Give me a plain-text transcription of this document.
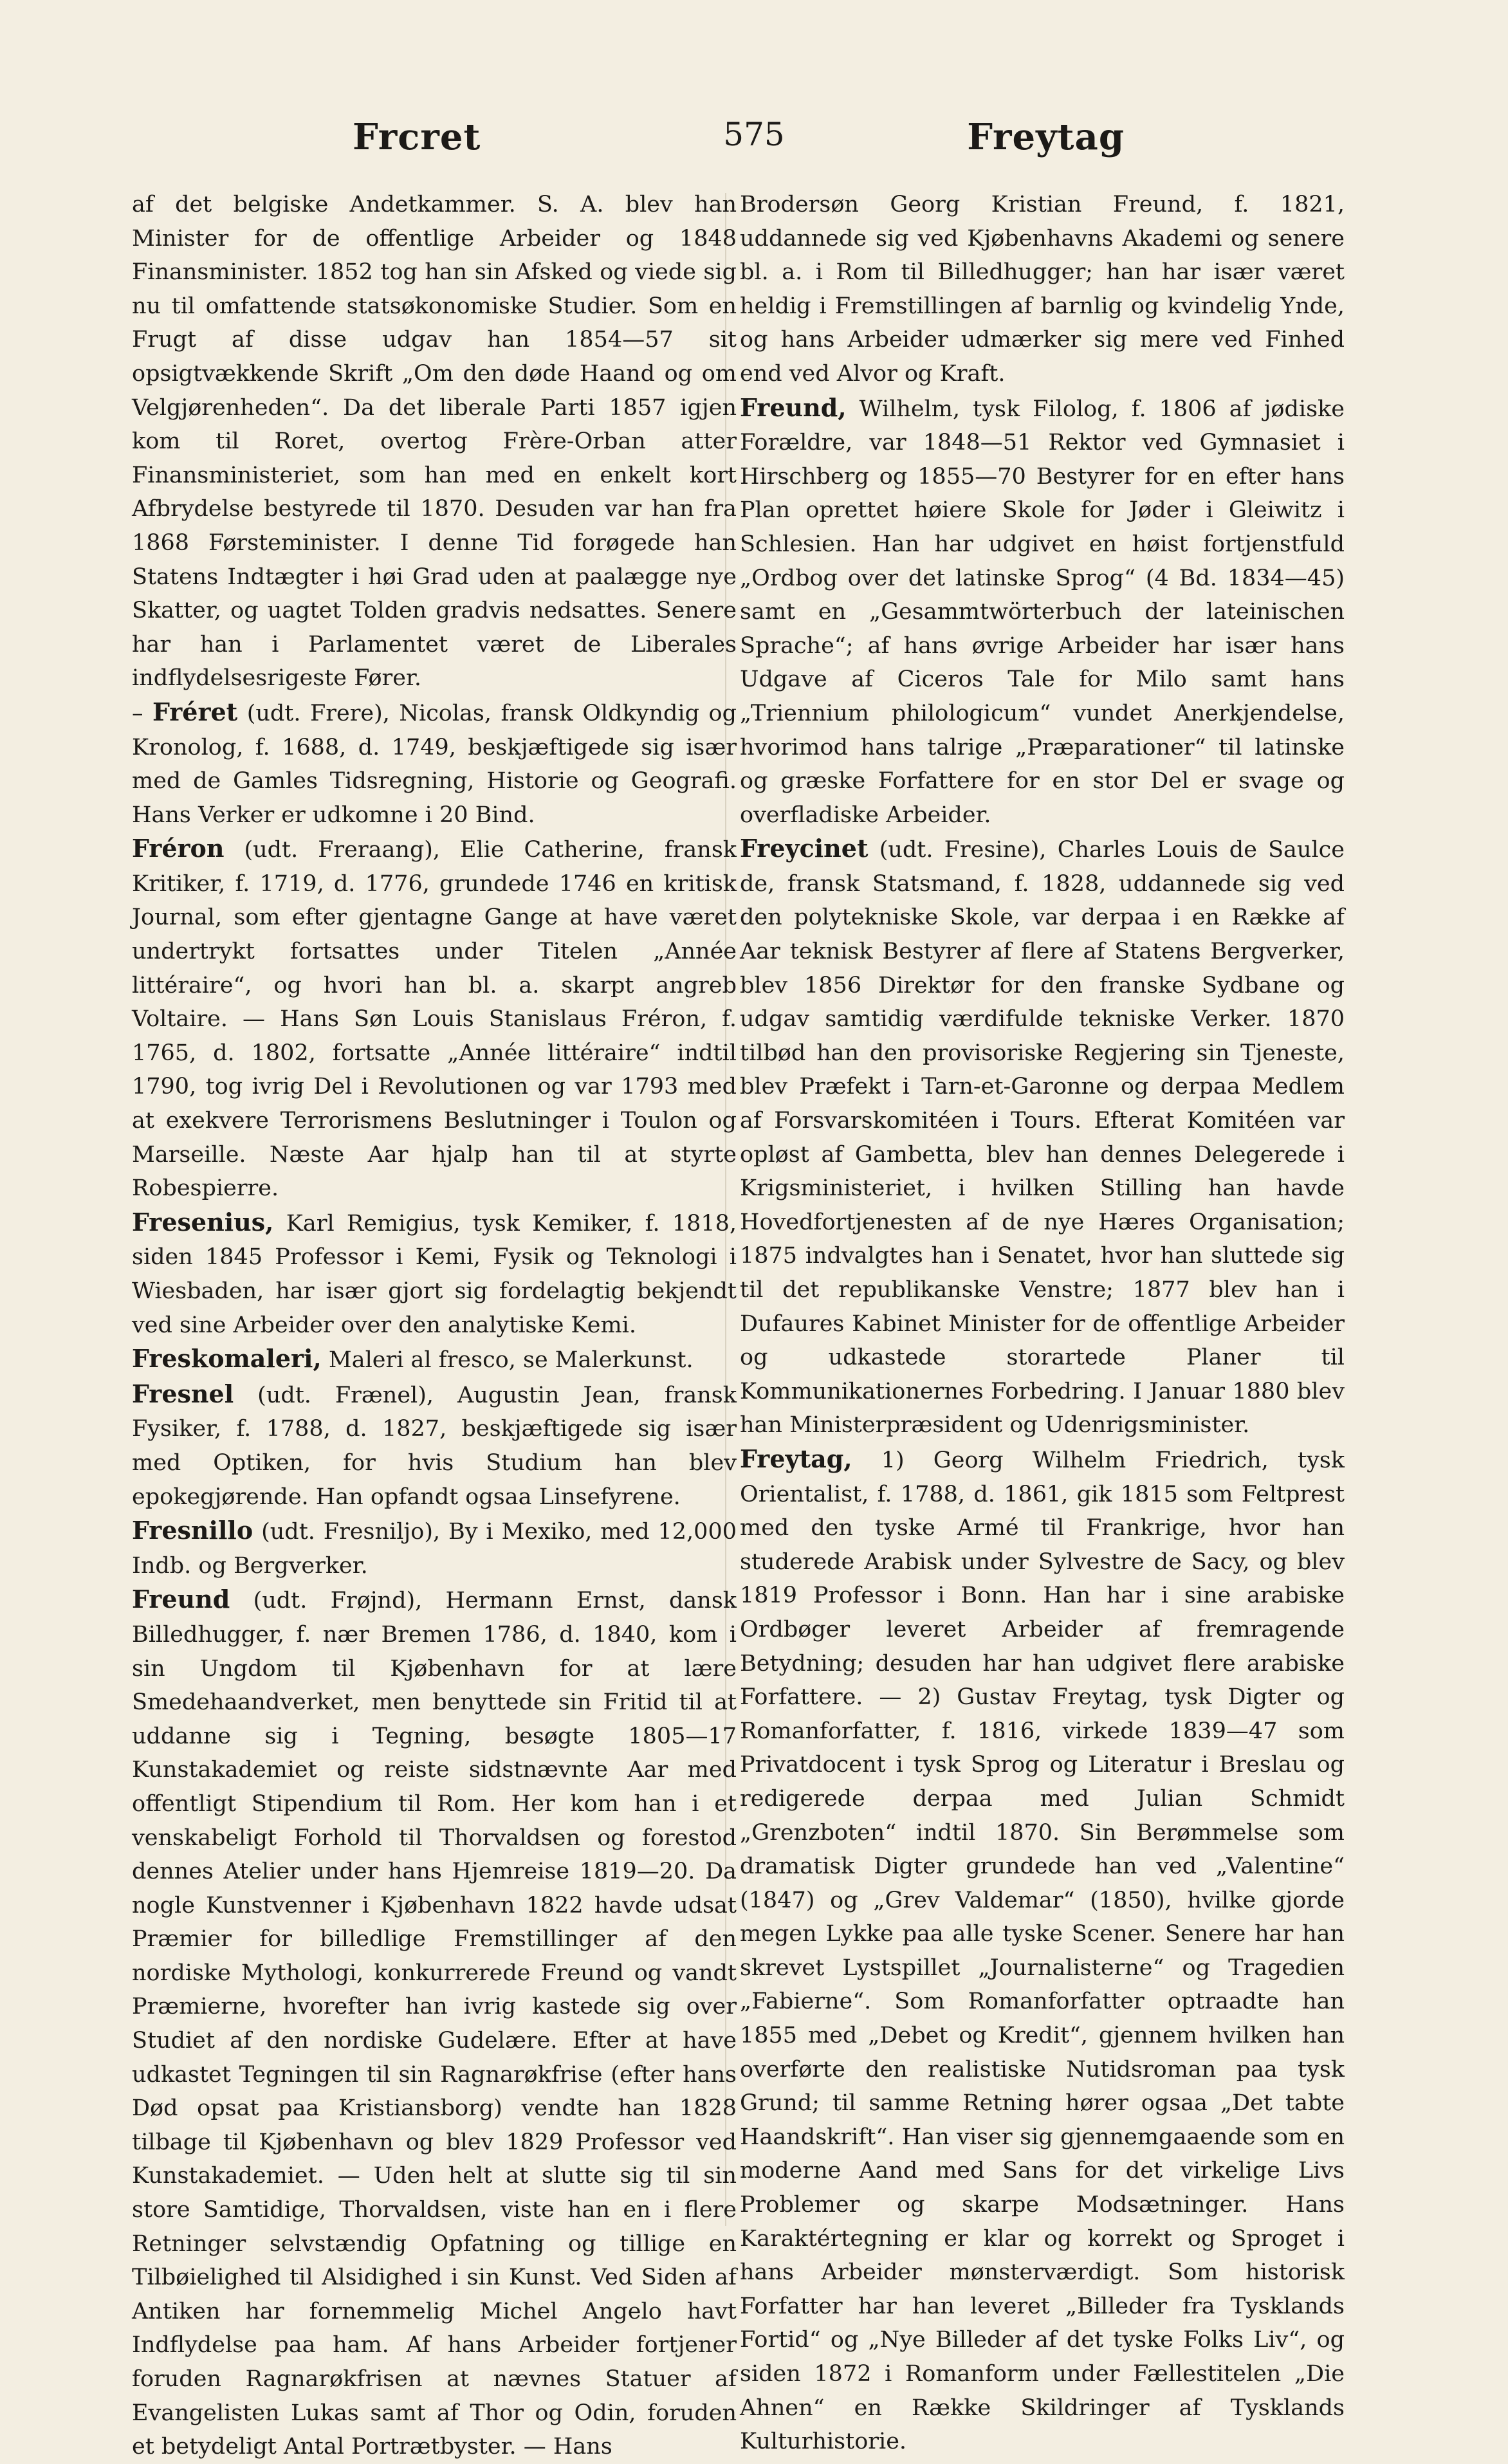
Frcret	575	Freytag

af det belgiske Andetkammer. S. A. blev han Minister for de offentlige Arbeider og 1848 Finansminister. 1852 tog han sin Afsked og viede sig nu til omfattende statsøkonomiske Studier. Som en Frugt af disse udgav han 1854—57 sit opsigtvækkende Skrift „Om den døde Haand og om Velgjørenheden“. Da det liberale Parti 1857 igjen kom til Roret, overtog Frère-Orban atter Finansministeriet, som han med en enkelt kort Afbrydelse bestyrede til 1870. Desuden var han fra 1868 Førsteminister. I denne Tid forøgede han Statens Indtægter i høi Grad uden at paalægge nye Skatter, og uagtet Tolden gradvis nedsattes. Senere har han i Parlamentet været de Liberales indflydelsesrigeste Fører.

– Fréret (udt. Frere), Nicolas, fransk Oldkyndig og Kronolog, f. 1688, d. 1749, beskjæftigede sig især med de Gamles Tidsregning, Historie og Geografi. Hans Verker er udkomne i 20 Bind.

Fréron (udt. Freraang), Elie Catherine, fransk Kritiker, f. 1719, d. 1776, grundede 1746 en kritisk Journal, som efter gjentagne Gange at have været undertrykt fortsattes under Titelen „Année littéraire“, og hvori han bl. a. skarpt angreb Voltaire. — Hans Søn Louis Stanislaus Fréron, f. 1765, d. 1802, fortsatte „Année littéraire“ indtil 1790, tog ivrig Del i Revolutionen og var 1793 med at exekvere Terrorismens Beslutninger i Toulon og Marseille. Næste Aar hjalp han til at styrte Robespierre.

Fresenius, Karl Remigius, tysk Kemiker, f. 1818, siden 1845 Professor i Kemi, Fysik og Teknologi i Wiesbaden, har især gjort sig fordelagtig bekjendt ved sine Arbeider over den analytiske Kemi.

Freskomaleri, Maleri al fresco, se Malerkunst.

Fresnel (udt. Frænel), Augustin Jean, fransk Fysiker, f. 1788, d. 1827, beskjæftigede sig især med Optiken, for hvis Studium han blev epokegjørende. Han opfandt ogsaa Linsefyrene.

Fresnillo (udt. Fresniljo), By i Mexiko, med 12,000 Indb. og Bergverker.

Freund (udt. Frøjnd), Hermann Ernst, dansk Billedhugger, f. nær Bremen 1786, d. 1840, kom i sin Ungdom til Kjøbenhavn for at lære Smedehaandverket, men benyttede sin Fritid til at uddanne sig i Tegning, besøgte 1805—17 Kunstakademiet og reiste sidstnævnte Aar med offentligt Stipendium til Rom. Her kom han i et venskabeligt Forhold til Thorvaldsen og forestod dennes Atelier under hans Hjemreise 1819—20. Da nogle Kunstvenner i Kjøbenhavn 1822 havde udsat Præmier for billedlige Fremstillinger af den nordiske Mythologi, konkurrerede Freund og vandt Præmierne, hvorefter han ivrig kastede sig over Studiet af den nordiske Gudelære. Efter at have udkastet Tegningen til sin Ragnarøkfrise (efter hans Død opsat paa Kristiansborg) vendte han 1828 tilbage til Kjøbenhavn og blev 1829 Professor ved Kunstakademiet. — Uden helt at slutte sig til sin store Samtidige, Thorvaldsen, viste han en i flere Retninger selvstændig Opfatning og tillige en Tilbøielighed til Alsidighed i sin Kunst. Ved Siden af Antiken har fornemmelig Michel Angelo havt Indflydelse paa ham. Af hans Arbeider fortjener foruden Ragnarøkfrisen at nævnes Statuer af Evangelisten Lukas samt af Thor og Odin, foruden et betydeligt Antal Portrætbyster. — Hans

Brodersøn Georg Kristian Freund, f. 1821, uddannede sig ved Kjøbenhavns Akademi og senere bl. a. i Rom til Billedhugger; han har især været heldig i Fremstillingen af barnlig og kvindelig Ynde, og hans Arbeider udmærker sig mere ved Finhed end ved Alvor og Kraft.

Freund, Wilhelm, tysk Filolog, f. 1806 af jødiske Forældre, var 1848—51 Rektor ved Gymnasiet i Hirschberg og 1855—70 Bestyrer for en efter hans Plan oprettet høiere Skole for Jøder i Gleiwitz i Schlesien. Han har udgivet en høist fortjenstfuld „Ordbog over det latinske Sprog“ (4 Bd. 1834—45) samt en „Gesammtwörterbuch der lateinischen Sprache“; af hans øvrige Arbeider har især hans Udgave af Ciceros Tale for Milo samt hans „Triennium philologicum“ vundet Anerkjendelse, hvorimod hans talrige „Præparationer“ til latinske og græske Forfattere for en stor Del er svage og overfladiske Arbeider.

Freycinet (udt. Fresine), Charles Louis de Saulce de, fransk Statsmand, f. 1828, uddannede sig ved den polytekniske Skole, var derpaa i en Række af Aar teknisk Bestyrer af flere af Statens Bergverker, blev 1856 Direktør for den franske Sydbane og udgav samtidig værdifulde tekniske Verker. 1870 tilbød han den provisoriske Regjering sin Tjeneste, blev Præfekt i Tarn-et-Garonne og derpaa Medlem af Forsvarskomitéen i Tours. Efterat Komitéen var opløst af Gambetta, blev han dennes Delegerede i Krigsministeriet, i hvilken Stilling han havde Hovedfortjenesten af de nye Hæres Organisation; 1875 indvalgtes han i Senatet, hvor han sluttede sig til det republikanske Venstre; 1877 blev han i Dufaures Kabinet Minister for de offentlige Arbeider og udkastede storartede Planer til Kommunikationernes Forbedring. I Januar 1880 blev han Ministerpræsident og Udenrigsminister.

Freytag, 1) Georg Wilhelm Friedrich, tysk Orientalist, f. 1788, d. 1861, gik 1815 som Feltprest med den tyske Armé til Frankrige, hvor han studerede Arabisk under Sylvestre de Sacy, og blev 1819 Professor i Bonn. Han har i sine arabiske Ordbøger leveret Arbeider af fremragende Betydning; desuden har han udgivet flere arabiske Forfattere. — 2) Gustav Freytag, tysk Digter og Romanforfatter, f. 1816, virkede 1839—47 som Privatdocent i tysk Sprog og Literatur i Breslau og redigerede derpaa med Julian Schmidt „Grenzboten“ indtil 1870. Sin Berømmelse som dramatisk Digter grundede han ved „Valentine“ (1847) og „Grev Valdemar“ (1850), hvilke gjorde megen Lykke paa alle tyske Scener. Senere har han skrevet Lystspillet „Journalisterne“ og Tragedien „Fabierne“. Som Romanforfatter optraadte han 1855 med „Debet og Kredit“, gjennem hvilken han overførte den realistiske Nutidsroman paa tysk Grund; til samme Retning hører ogsaa „Det tabte Haandskrift“. Han viser sig gjennemgaaende som en moderne Aand med Sans for det virkelige Livs Problemer og skarpe Modsætninger. Hans Karaktértegning er klar og korrekt og Sproget i hans Arbeider mønsterværdigt. Som historisk Forfatter har han leveret „Billeder fra Tysklands Fortid“ og „Nye Billeder af det tyske Folks Liv“, og siden 1872 i Romanform under Fællestitelen „Die Ahnen“ en Række Skildringer af Tysklands Kulturhistorie.
